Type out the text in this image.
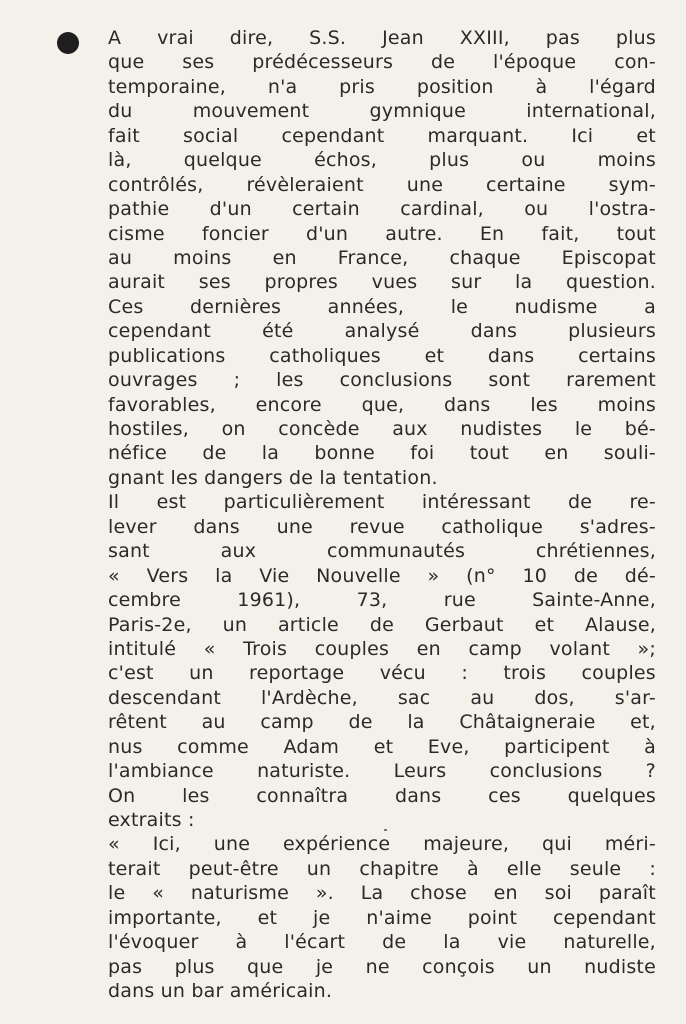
A vrai dire, S.S. Jean XXIII, pas plus
que ses prédécesseurs de l'époque con-
temporaine, n'a pris position à l'égard
du	mouvement	gymnique	international,
fait social cependant marquant. Ici et
là,	quelque	échos,	plus	ou	moins
contrôlés, révèleraient une certaine sym-
pathie d'un certain cardinal, ou l'ostra-
cisme foncier d'un autre. En fait, tout
au moins en France, chaque Episcopat
aurait ses propres vues sur la question.
Ces dernières années, le nudisme a
cependant	été	analysé	dans	plusieurs
publications catholiques et dans certains
ouvrages ; les conclusions sont rarement
favorables, encore que, dans les moins
hostiles, on concède aux nudistes le bé-
néfice de la bonne foi tout en souli-
gnant les dangers de la tentation.
Il est particulièrement intéressant de re-
lever dans une revue catholique s'adres-
sant	aux	communautés	chrétiennes,
« Vers la Vie Nouvelle » (n° 10 de dé-
cembre	1961),	73,	rue	Sainte-Anne,
Paris-2e, un article de Gerbaut et Alause,
intitulé « Trois couples en camp volant »;
c'est un reportage vécu : trois couples
descendant l'Ardèche, sac au dos, s'ar-
rêtent au camp de la Châtaigneraie et,
nus comme Adam et Eve, participent à
l'ambiance naturiste. Leurs conclusions ?
On les connaîtra dans ces quelques
extraits :
« Ici, une expérience majeure, qui méri-
terait peut-être un chapitre à elle seule :
le « naturisme ». La chose en soi paraît
importante, et je n'aime point cependant
l'évoquer à l'écart de la vie naturelle,
pas plus que je ne conçois un nudiste
dans un bar américain.
